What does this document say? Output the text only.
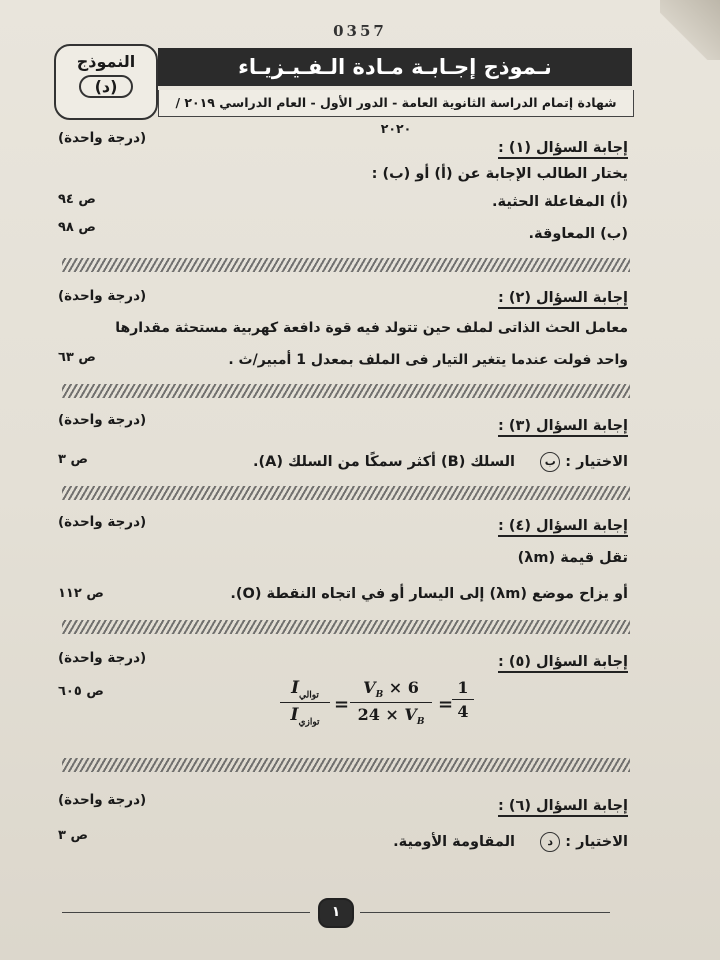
0357
نـموذج إجـابـة مـادة الـفـيـزيـاء
شهادة إتمام الدراسة الثانوية العامة - الدور الأول - العام الدراسي ٢٠١٩ / ٢٠٢٠
النموذج
(د)
إجابة السؤال (١) :
(درجة واحدة)
يختار الطالب الإجابة عن (أ) أو (ب) :
(أ) المفاعلة الحثية.
(ب) المعاوقة.
ص ٩٤
ص ٩٨
إجابة السؤال (٢) :
(درجة واحدة)
معامل الحث الذاتى لملف حين تتولد فيه قوة دافعة كهربية مستحثة مقدارها
واحد فولت عندما يتغير التيار فى الملف بمعدل 1 أمبير/ث .
ص ٦٣
إجابة السؤال (٣) :
(درجة واحدة)
الاختيار : ب     السلك (B) أكثر سمكًا من السلك (A).
ص ٣
إجابة السؤال (٤) :
(درجة واحدة)
تقل قيمة (λm)
أو يزاح موضع (λm) إلى اليسار أو في اتجاه النقطة (O).
ص ١١٢
إجابة السؤال (٥) :
(درجة واحدة)
ص ٦٠٥	$I_{توالي}$
$I_{توازي}$
= $\frac{V_B \times 6}{24 \times V_B}$ =
$\frac{1}{4}$
إجابة السؤال (٦) :
(درجة واحدة)
الاختيار : د     المقاومة الأومية.
ص ٣
١
